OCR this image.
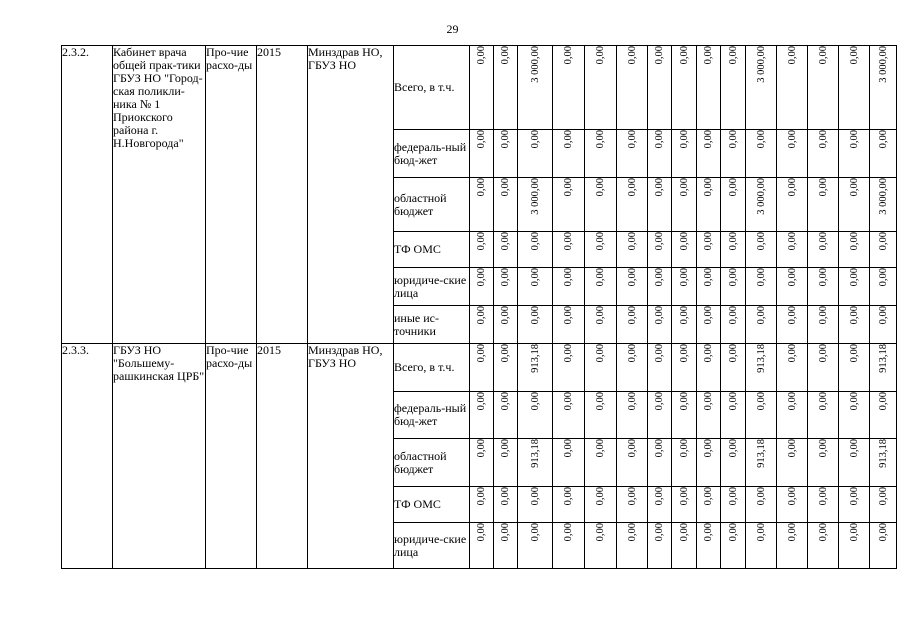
29
2.3.2.	Кабинет врача общей прак-тики ГБУЗ НО "Город-ская поликли-ника № 1 Приокского района г. Н.Новгорода"	Про-чие расхо-ды	2015	Минздрав НО, ГБУЗ НО	Всего, в т.ч.	0,00	0,00	3 000,00	0,00	0,00	0,00	0,00	0,00	0,00	0,00	3 000,00	0,00	0,00	0,00	3 000,00
					федераль-ный бюд-жет	0,00	0,00	0,00	0,00	0,00	0,00	0,00	0,00	0,00	0,00	0,00	0,00	0,00	0,00	0,00
					областной бюджет	0,00	0,00	3 000,00	0,00	0,00	0,00	0,00	0,00	0,00	0,00	3 000,00	0,00	0,00	0,00	3 000,00
					ТФ ОМС	0,00	0,00	0,00	0,00	0,00	0,00	0,00	0,00	0,00	0,00	0,00	0,00	0,00	0,00	0,00
					юридиче-ские лица	0,00	0,00	0,00	0,00	0,00	0,00	0,00	0,00	0,00	0,00	0,00	0,00	0,00	0,00	0,00
					иные ис-точники	0,00	0,00	0,00	0,00	0,00	0,00	0,00	0,00	0,00	0,00	0,00	0,00	0,00	0,00	0,00
2.3.3.	ГБУЗ НО "Большему-рашкинская ЦРБ"	Про-чие расхо-ды	2015	Минздрав НО, ГБУЗ НО	Всего, в т.ч.	0,00	0,00	913,18	0,00	0,00	0,00	0,00	0,00	0,00	0,00	913,18	0,00	0,00	0,00	913,18
					федераль-ный бюд-жет	0,00	0,00	0,00	0,00	0,00	0,00	0,00	0,00	0,00	0,00	0,00	0,00	0,00	0,00	0,00
					областной бюджет	0,00	0,00	913,18	0,00	0,00	0,00	0,00	0,00	0,00	0,00	913,18	0,00	0,00	0,00	913,18
					ТФ ОМС	0,00	0,00	0,00	0,00	0,00	0,00	0,00	0,00	0,00	0,00	0,00	0,00	0,00	0,00	0,00
					юридиче-ские лица	0,00	0,00	0,00	0,00	0,00	0,00	0,00	0,00	0,00	0,00	0,00	0,00	0,00	0,00	0,00
